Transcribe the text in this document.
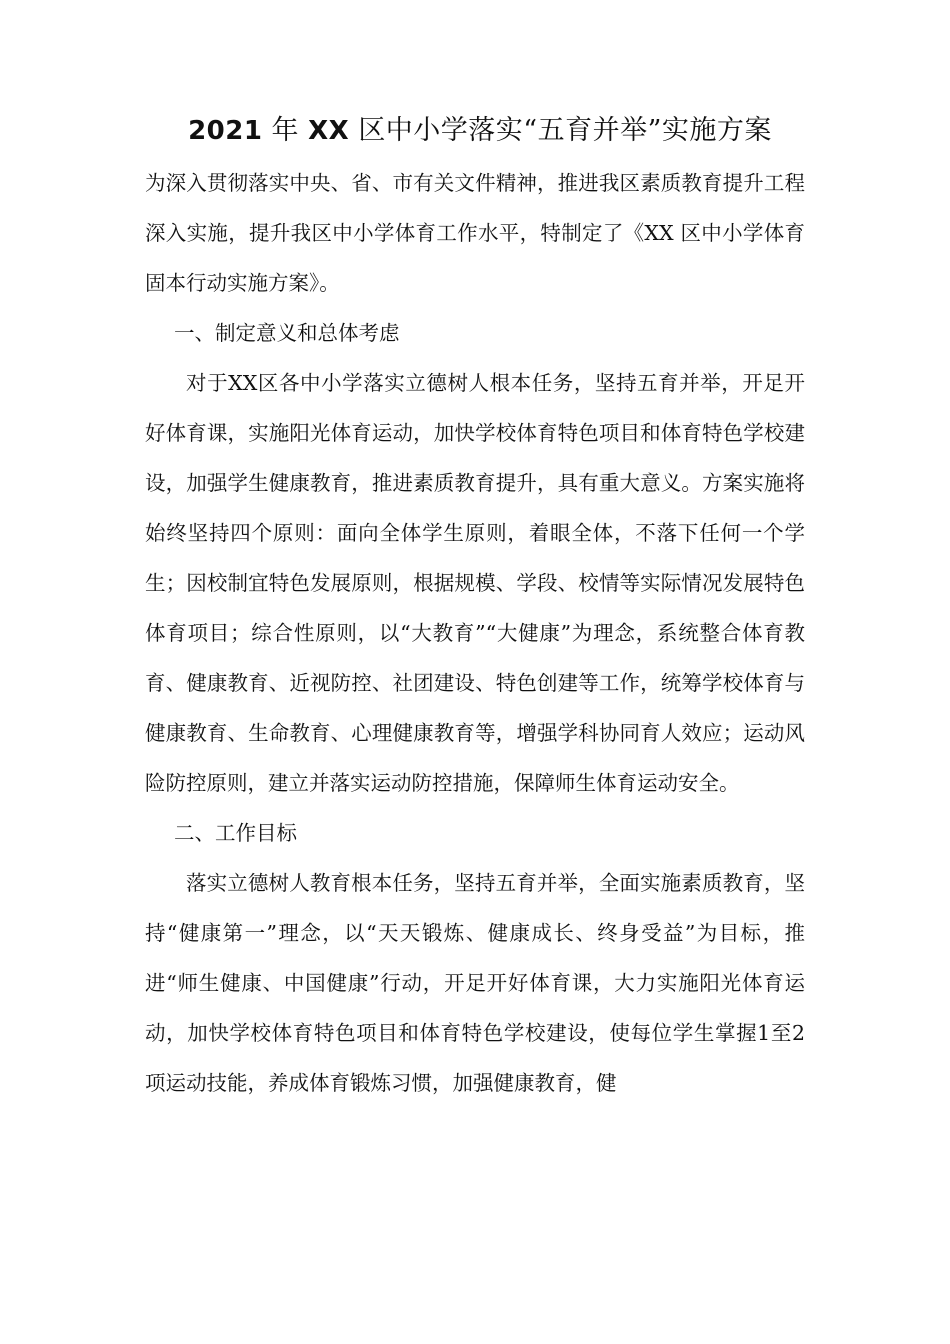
2021 年 XX 区中小学落实“五育并举”实施方案

为深入贯彻落实中央、省、市有关文件精神，推进我区素质教育提升工程深入实施，提升我区中小学体育工作水平，特制定了《XX 区中小学体育固本行动实施方案》。

一、制定意义和总体考虑

对于XX区各中小学落实立德树人根本任务，坚持五育并举，开足开好体育课，实施阳光体育运动，加快学校体育特色项目和体育特色学校建设，加强学生健康教育，推进素质教育提升，具有重大意义。方案实施将始终坚持四个原则：面向全体学生原则，着眼全体，不落下任何一个学生；因校制宜特色发展原则，根据规模、学段、校情等实际情况发展特色体育项目；综合性原则，以“大教育”“大健康”为理念，系统整合体育教育、健康教育、近视防控、社团建设、特色创建等工作，统筹学校体育与健康教育、生命教育、心理健康教育等，增强学科协同育人效应；运动风险防控原则，建立并落实运动防控措施，保障师生体育运动安全。

二、工作目标

落实立德树人教育根本任务，坚持五育并举，全面实施素质教育，坚持“健康第一”理念，以“天天锻炼、健康成长、终身受益”为目标，推进“师生健康、中国健康”行动，开足开好体育课，大力实施阳光体育运动，加快学校体育特色项目和体育特色学校建设，使每位学生掌握1至2项运动技能，养成体育锻炼习惯，加强健康教育，健
